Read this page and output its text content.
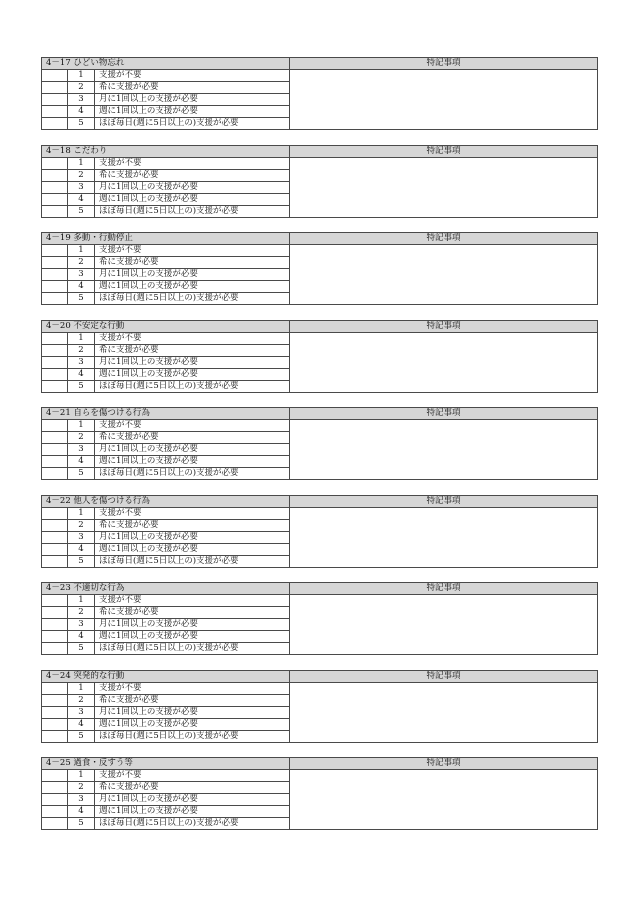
4－17 ひどい物忘れ			特記事項
	1	支援が不要	
	2	希に支援が必要	
	3	月に1回以上の支援が必要	
	4	週に1回以上の支援が必要	
	5	ほぼ毎日(週に5日以上の)支援が必要	
4－18 こだわり			特記事項
	1	支援が不要	
	2	希に支援が必要	
	3	月に1回以上の支援が必要	
	4	週に1回以上の支援が必要	
	5	ほぼ毎日(週に5日以上の)支援が必要	
4－19 多動・行動停止			特記事項
	1	支援が不要	
	2	希に支援が必要	
	3	月に1回以上の支援が必要	
	4	週に1回以上の支援が必要	
	5	ほぼ毎日(週に5日以上の)支援が必要	
4－20 不安定な行動			特記事項
	1	支援が不要	
	2	希に支援が必要	
	3	月に1回以上の支援が必要	
	4	週に1回以上の支援が必要	
	5	ほぼ毎日(週に5日以上の)支援が必要	
4－21 自らを傷つける行為			特記事項
	1	支援が不要	
	2	希に支援が必要	
	3	月に1回以上の支援が必要	
	4	週に1回以上の支援が必要	
	5	ほぼ毎日(週に5日以上の)支援が必要	
4－22 他人を傷つける行為			特記事項
	1	支援が不要	
	2	希に支援が必要	
	3	月に1回以上の支援が必要	
	4	週に1回以上の支援が必要	
	5	ほぼ毎日(週に5日以上の)支援が必要	
4－23 不適切な行為			特記事項
	1	支援が不要	
	2	希に支援が必要	
	3	月に1回以上の支援が必要	
	4	週に1回以上の支援が必要	
	5	ほぼ毎日(週に5日以上の)支援が必要	
4－24 突発的な行動			特記事項
	1	支援が不要	
	2	希に支援が必要	
	3	月に1回以上の支援が必要	
	4	週に1回以上の支援が必要	
	5	ほぼ毎日(週に5日以上の)支援が必要	
4－25 過食・反すう等			特記事項
	1	支援が不要	
	2	希に支援が必要	
	3	月に1回以上の支援が必要	
	4	週に1回以上の支援が必要	
	5	ほぼ毎日(週に5日以上の)支援が必要	
